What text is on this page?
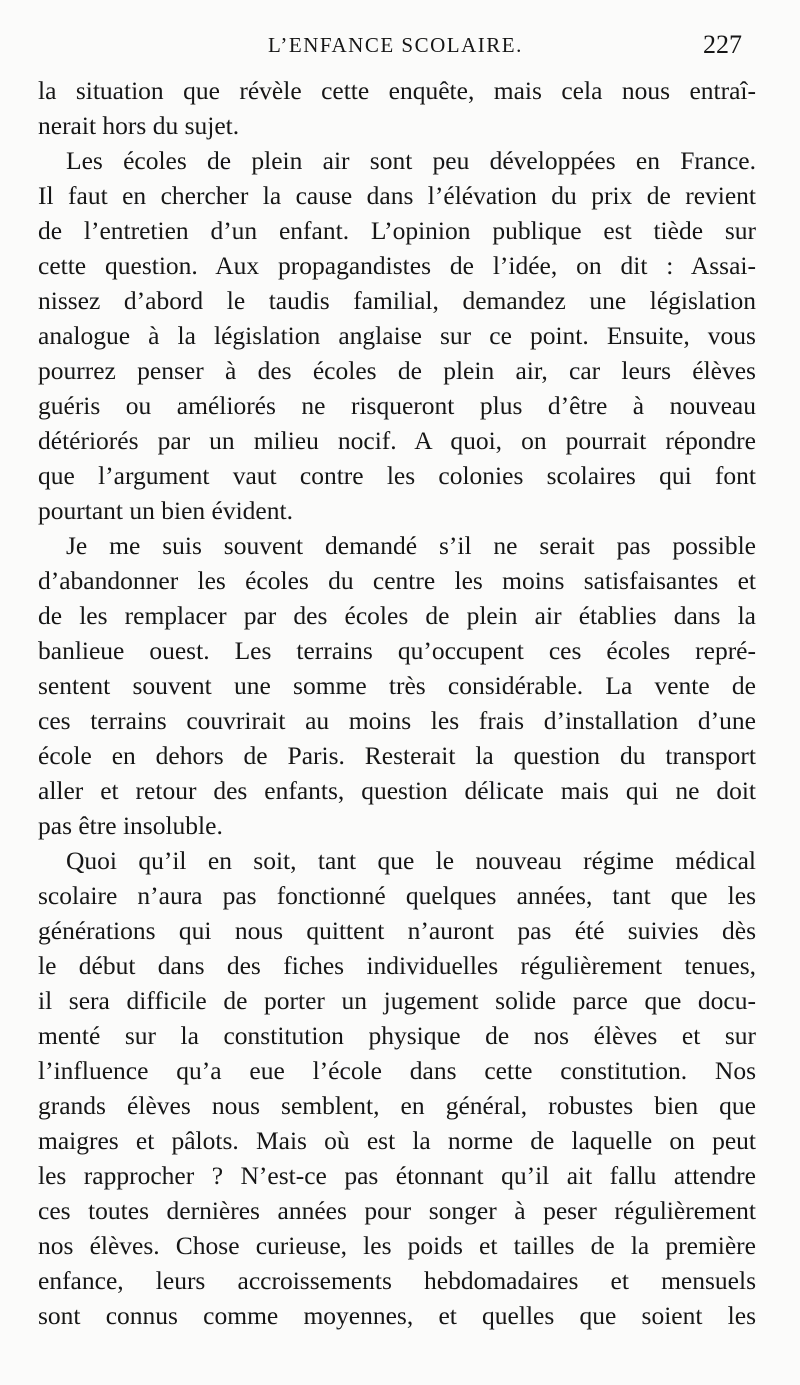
L’ENFANCE SCOLAIRE.	227
la situation que révèle cette enquête, mais cela nous entraî-
nerait hors du sujet.
Les écoles de plein air sont peu développées en France.
Il faut en chercher la cause dans l’élévation du prix de revient
de l’entretien d’un enfant. L’opinion publique est tiède sur
cette question. Aux propagandistes de l’idée, on dit : Assai-
nissez d’abord le taudis familial, demandez une législation
analogue à la législation anglaise sur ce point. Ensuite, vous
pourrez penser à des écoles de plein air, car leurs élèves
guéris ou améliorés ne risqueront plus d’être à nouveau
détériorés par un milieu nocif. A quoi, on pourrait répondre
que l’argument vaut contre les colonies scolaires qui font
pourtant un bien évident.
Je me suis souvent demandé s’il ne serait pas possible
d’abandonner les écoles du centre les moins satisfaisantes et
de les remplacer par des écoles de plein air établies dans la
banlieue ouest. Les terrains qu’occupent ces écoles repré-
sentent souvent une somme très considérable. La vente de
ces terrains couvrirait au moins les frais d’installation d’une
école en dehors de Paris. Resterait la question du transport
aller et retour des enfants, question délicate mais qui ne doit
pas être insoluble.
Quoi qu’il en soit, tant que le nouveau régime médical
scolaire n’aura pas fonctionné quelques années, tant que les
générations qui nous quittent n’auront pas été suivies dès
le début dans des fiches individuelles régulièrement tenues,
il sera difficile de porter un jugement solide parce que docu-
menté sur la constitution physique de nos élèves et sur
l’influence qu’a eue l’école dans cette constitution. Nos
grands élèves nous semblent, en général, robustes bien que
maigres et pâlots. Mais où est la norme de laquelle on peut
les rapprocher ? N’est-ce pas étonnant qu’il ait fallu attendre
ces toutes dernières années pour songer à peser régulièrement
nos élèves. Chose curieuse, les poids et tailles de la première
enfance, leurs accroissements hebdomadaires et mensuels
sont connus comme moyennes, et quelles que soient les
